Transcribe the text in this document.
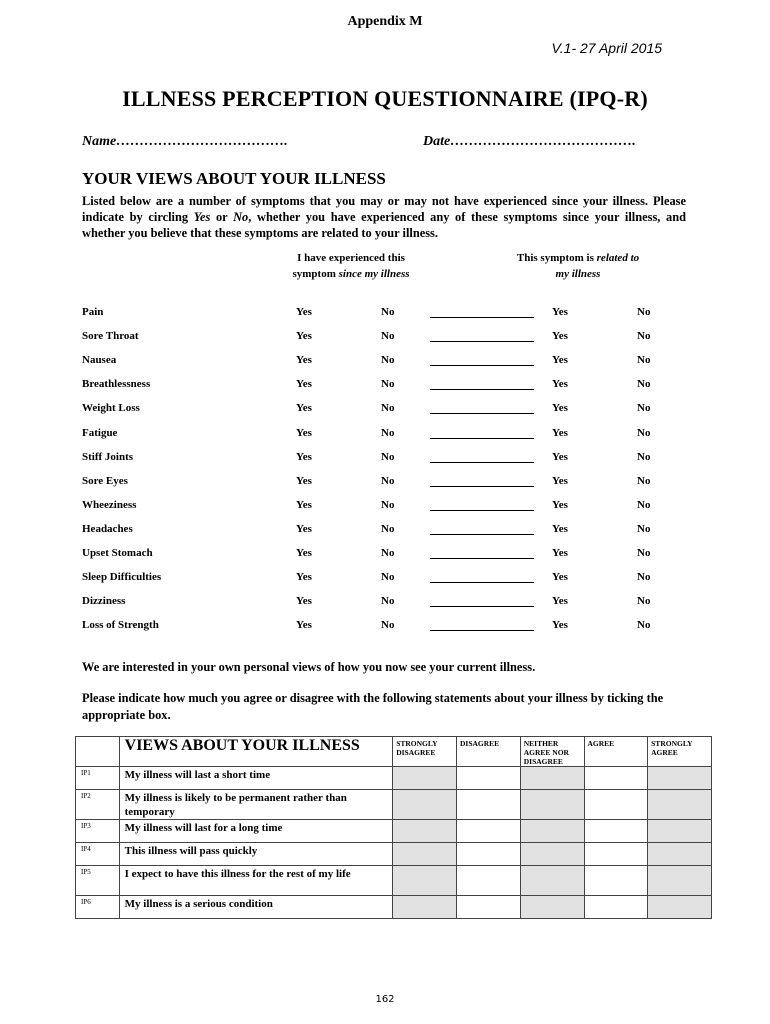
Appendix M
V.1- 27 April 2015
ILLNESS PERCEPTION QUESTIONNAIRE (IPQ-R)
Name……………………………….	Date………………………………….
YOUR VIEWS ABOUT YOUR ILLNESS
Listed below are a number of symptoms that you may or may not have experienced since your illness. Please indicate by circling Yes or No, whether you have experienced any of these symptoms since your illness, and whether you believe that these symptoms are related to your illness.
I have experienced this
symptom since my illness
This symptom is related to
my illness
Pain	Yes	No	Yes	No
Sore Throat	Yes	No	Yes	No
Nausea	Yes	No	Yes	No
Breathlessness	Yes	No	Yes	No
Weight Loss	Yes	No	Yes	No
Fatigue	Yes	No	Yes	No
Stiff Joints	Yes	No	Yes	No
Sore Eyes	Yes	No	Yes	No
Wheeziness	Yes	No	Yes	No
Headaches	Yes	No	Yes	No
Upset Stomach	Yes	No	Yes	No
Sleep Difficulties	Yes	No	Yes	No
Dizziness	Yes	No	Yes	No
Loss of Strength	Yes	No	Yes	No
We are interested in your own personal views of how you now see your current illness.
Please indicate how much you agree or disagree with the following statements about your illness by ticking the appropriate box.
	VIEWS ABOUT YOUR ILLNESS	STRONGLY DISAGREE	DISAGREE	NEITHER AGREE NOR DISAGREE	AGREE	STRONGLY AGREE
IP1	My illness will last a short time					
IP2	My illness is likely to be permanent rather than temporary					
IP3	My illness will last for a long time					
IP4	This illness will pass quickly					
IP5	I expect to have this illness for the rest of my life					
IP6	My illness is a serious condition					
162
